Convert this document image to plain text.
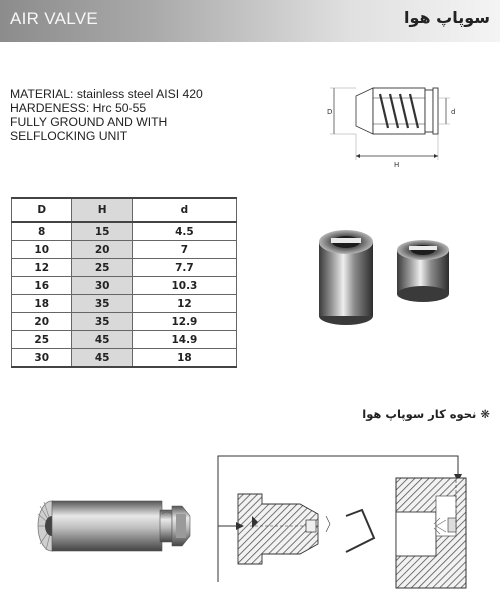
AIR VALVE	سوپاپ هوا
MATERIAL: stainless steel AISI 420
HARDENESS: Hrc 50-55
FULLY GROUND AND WITH
SELFLOCKING UNIT
D	d
H
D	H	d
8	15	4.5
10	20	7
12	25	7.7
16	30	10.3
18	35	12
20	35	12.9
25	45	14.9
30	45	18
❋ نحوه کار سوپاپ هوا
